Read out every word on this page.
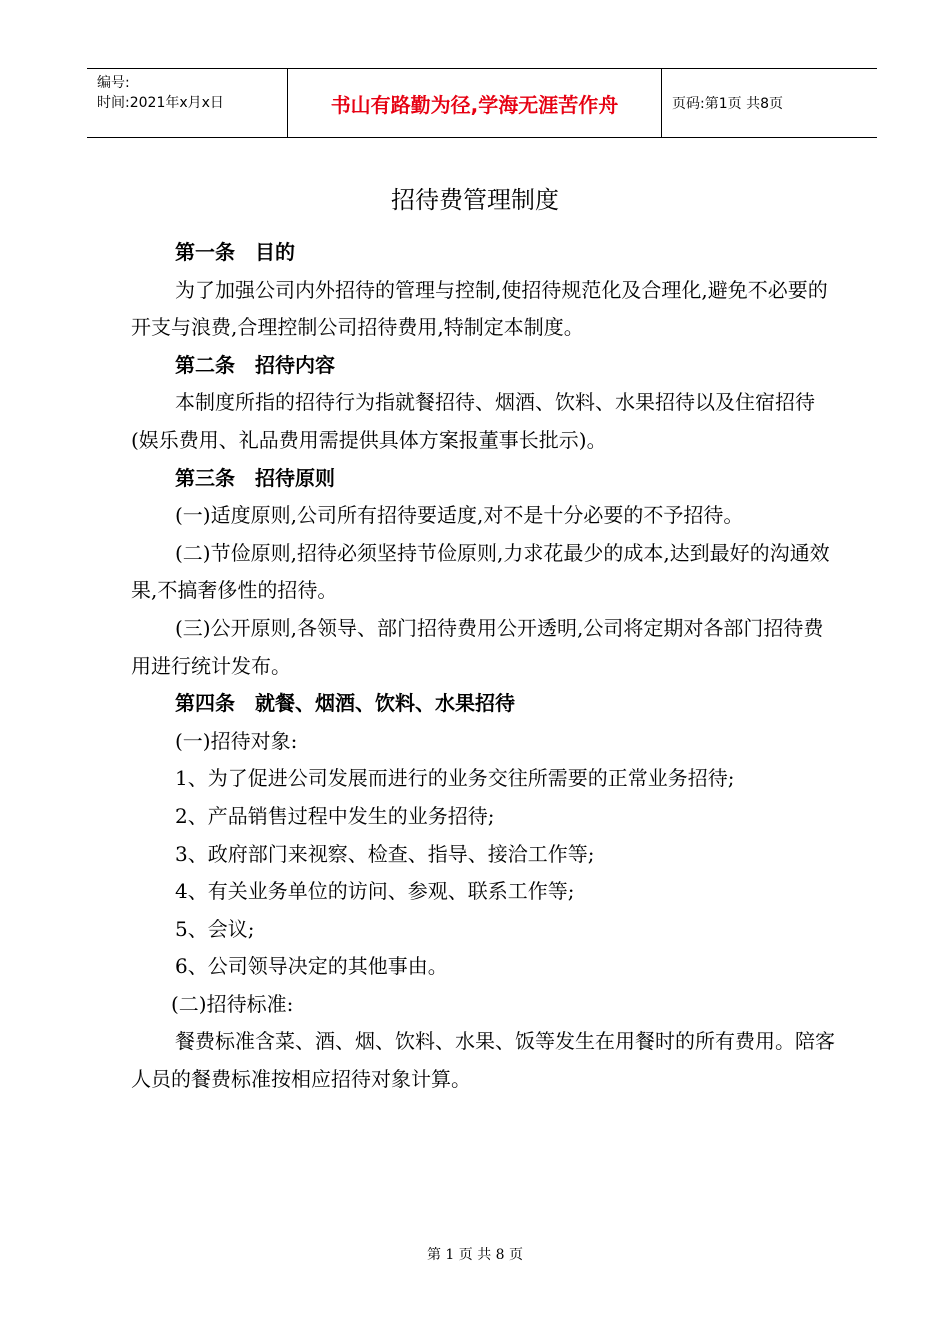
编号:
时间:2021年x月x日	书山有路勤为径,学海无涯苦作舟	页码:第1页 共8页
招待费管理制度

第一条　目的

为了加强公司内外招待的管理与控制,使招待规范化及合理化,避免不必要的开支与浪费,合理控制公司招待费用,特制定本制度。

第二条　招待内容

本制度所指的招待行为指就餐招待、烟酒、饮料、水果招待以及住宿招待(娱乐费用、礼品费用需提供具体方案报董事长批示)。

第三条　招待原则

(一)适度原则,公司所有招待要适度,对不是十分必要的不予招待。

(二)节俭原则,招待必须坚持节俭原则,力求花最少的成本,达到最好的沟通效果,不搞奢侈性的招待。

(三)公开原则,各领导、部门招待费用公开透明,公司将定期对各部门招待费用进行统计发布。

第四条　就餐、烟酒、饮料、水果招待

(一)招待对象:

1、为了促进公司发展而进行的业务交往所需要的正常业务招待;

2、产品销售过程中发生的业务招待;

3、政府部门来视察、检查、指导、接洽工作等;

4、有关业务单位的访问、参观、联系工作等;

5、会议;

6、公司领导决定的其他事由。

(二)招待标准:

餐费标准含菜、酒、烟、饮料、水果、饭等发生在用餐时的所有费用。陪客人员的餐费标准按相应招待对象计算。

第 1 页 共 8 页
